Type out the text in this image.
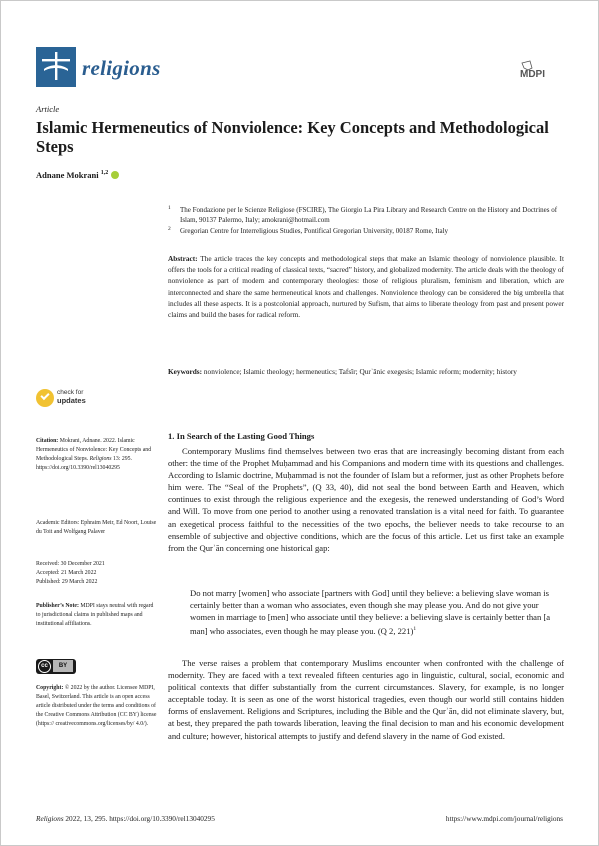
religions	MDPI
Article
Islamic Hermeneutics of Nonviolence: Key Concepts and Methodological Steps
Adnane Mokrani $^{1,2}$
1 The Fondazione per le Scienze Religiose (FSCIRE), The Giorgio La Pira Library and Research Centre on the History and Doctrines of Islam, 90137 Palermo, Italy; amokrani@hotmail.com
2 Gregorian Centre for Interreligious Studies, Pontifical Gregorian University, 00187 Rome, Italy
Abstract: The article traces the key concepts and methodological steps that make an Islamic theology of nonviolence plausible. It offers the tools for a critical reading of classical texts, “sacred” history, and globalized modernity. The article deals with the theology of nonviolence as part of modern and contemporary theologies: those of religious pluralism, feminism and liberation, which are interconnected and share the same hermeneutical knots and challenges. Nonviolence theology can be considered the big umbrella that includes all these aspects. It is a postcolonial approach, nurtured by Sufism, that aims to liberate theology from past and present power claims and build the bases for radical reform.
Keywords: nonviolence; Islamic theology; hermeneutics; Tafsīr; Qurʾānic exegesis; Islamic reform; modernity; history
check for
updates
Citation: Mokrani, Adnane. 2022. Islamic Hermeneutics of Nonviolence: Key Concepts and Methodological Steps. Religions 13: 295. https://doi.org/10.3390/rel13040295
Academic Editors: Ephraim Meir, Ed Noort, Louise du Toit and Wolfgang Palaver
Received: 30 December 2021
Accepted: 21 March 2022
Published: 29 March 2022
Publisher’s Note: MDPI stays neutral with regard to jurisdictional claims in published maps and institutional affiliations.
cc	BY
Copyright: © 2022 by the author. Licensee MDPI, Basel, Switzerland. This article is an open access article distributed under the terms and conditions of the Creative Commons Attribution (CC BY) license (https:// creativecommons.org/licenses/by/ 4.0/).
1. In Search of the Lasting Good Things
Contemporary Muslims find themselves between two eras that are increasingly becoming distant from each other: the time of the Prophet Muḥammad and his Companions and modern time with its questions and challenges. According to Islamic doctrine, Muḥammad is not the founder of Islam but a reformer, just as other Prophets before him were. The “Seal of the Prophets”, (Q 33, 40), did not seal the bond between Earth and Heaven, which continues to exist through the religious experience and the exegesis, the renewed understanding of God’s Word and Will. To move from one period to another using a renovated translation is a vital need for faith. To guarantee an exegetical process faithful to the necessities of the two epochs, the believer needs to take recourse to an ensemble of subjective and objective conditions, which are the focus of this article. Let us first take an example from the Qurʾān concerning one historical gap:
Do not marry [women] who associate [partners with God] until they believe: a believing slave woman is certainly better than a woman who associates, even though she may please you. And do not give your women in marriage to [men] who associate until they believe: a believing slave is certainly better than [a man] who associates, even though he may please you. (Q 2, 221)$^1$
The verse raises a problem that contemporary Muslims encounter when confronted with the challenge of modernity. They are faced with a text revealed fifteen centuries ago in linguistic, cultural, social, economic and political contexts that differ substantially from the current circumstances. Slavery, for example, is no longer acceptable today. It is seen as one of the worst historical tragedies, even though our world still contains hidden forms of enslavement. Religions and Scriptures, including the Bible and the Qurʾān, did not eliminate slavery, but, at best, they prepared the path towards liberation, leaving the final decision to man and his economic development and culture; however, historical attempts to justify and defend slavery in the name of God existed.
Religions 2022, 13, 295. https://doi.org/10.3390/rel13040295	https://www.mdpi.com/journal/religions
